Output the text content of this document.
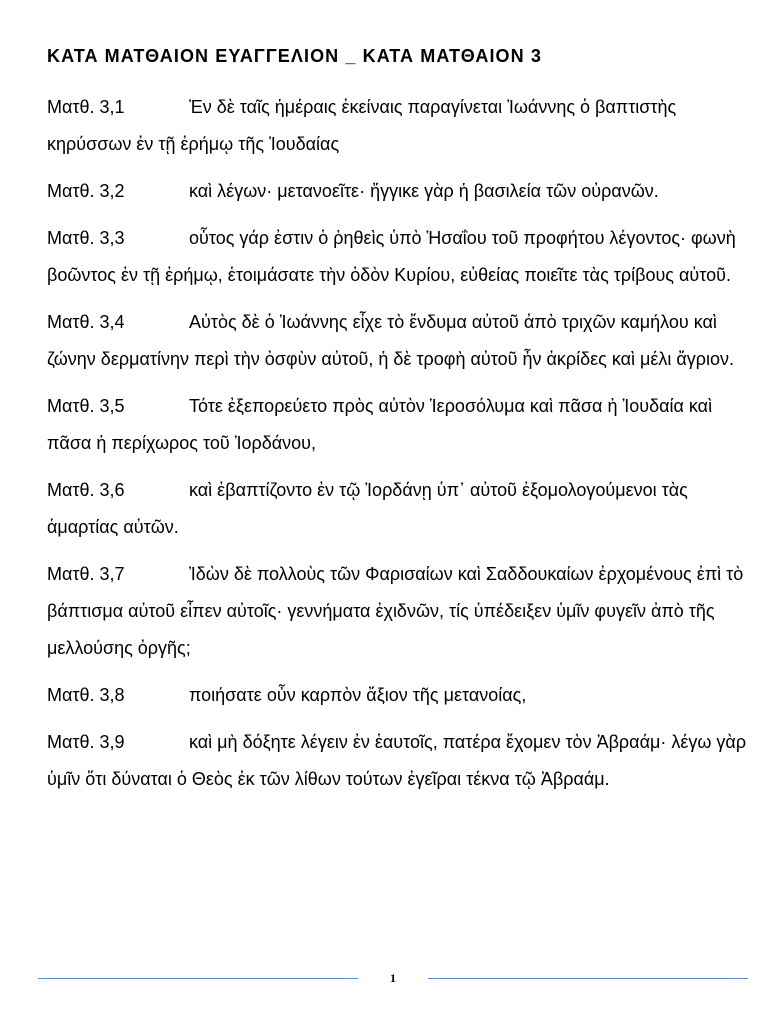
ΚΑΤΑ ΜΑΤΘΑΙΟΝ ΕΥΑΓΓΕΛΙΟΝ _ ΚΑΤΑ ΜΑΤΘΑΙΟΝ 3

Ματθ. 3,1	Ἐν δὲ ταῖς ἡμέραις ἐκείναις παραγίνεται Ἰωάννης ὁ βαπτιστὴς κηρύσσων ἐν τῇ ἐρήμῳ τῆς Ἰουδαίας

Ματθ. 3,2	καὶ λέγων· μετανοεῖτε· ἤγγικε γὰρ ἡ βασιλεία τῶν οὐρανῶν.

Ματθ. 3,3	οὗτος γάρ ἐστιν ὁ ῥηθεὶς ὑπὸ Ἡσαΐου τοῦ προφήτου λέγοντος· φωνὴ βοῶντος ἐν τῇ ἐρήμῳ, ἑτοιμάσατε τὴν ὁδὸν Κυρίου, εὐθείας ποιεῖτε τὰς τρίβους αὐτοῦ.

Ματθ. 3,4	Αὐτὸς δὲ ὁ Ἰωάννης εἶχε τὸ ἔνδυμα αὐτοῦ ἀπὸ τριχῶν καμήλου καὶ ζώνην δερματίνην περὶ τὴν ὀσφὺν αὐτοῦ, ἡ δὲ τροφὴ αὐτοῦ ἦν ἀκρίδες καὶ μέλι ἄγριον.

Ματθ. 3,5	Τότε ἐξεπορεύετο πρὸς αὐτὸν Ἱεροσόλυμα καὶ πᾶσα ἡ Ἰουδαία καὶ πᾶσα ἡ περίχωρος τοῦ Ἰορδάνου,

Ματθ. 3,6	καὶ ἐβαπτίζοντο ἐν τῷ Ἰορδάνῃ ὑπ᾿ αὐτοῦ ἐξομολογούμενοι τὰς ἁμαρτίας αὐτῶν.

Ματθ. 3,7	Ἰδὼν δὲ πολλοὺς τῶν Φαρισαίων καὶ Σαδδουκαίων ἐρχομένους ἐπὶ τὸ βάπτισμα αὐτοῦ εἶπεν αὐτοῖς· γεννήματα ἐχιδνῶν, τίς ὑπέδειξεν ὑμῖν φυγεῖν ἀπὸ τῆς μελλούσης ὀργῆς;

Ματθ. 3,8	ποιήσατε οὖν καρπὸν ἄξιον τῆς μετανοίας,

Ματθ. 3,9	καὶ μὴ δόξητε λέγειν ἐν ἑαυτοῖς, πατέρα ἔχομεν τὸν Ἀβραάμ· λέγω γὰρ ὑμῖν ὅτι δύναται ὁ Θεὸς ἐκ τῶν λίθων τούτων ἐγεῖραι τέκνα τῷ Ἀβραάμ.

1
